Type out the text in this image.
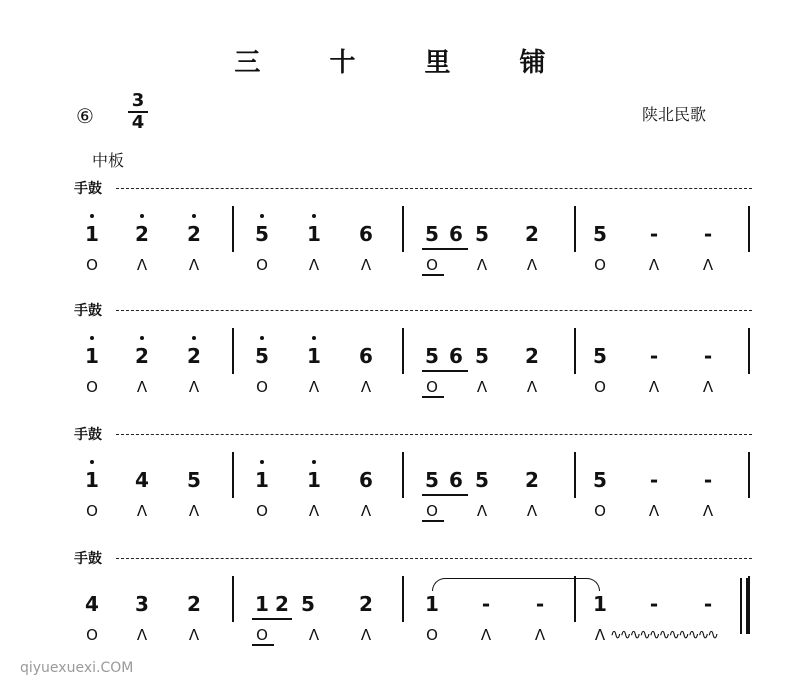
三 十 里 铺
⑥
3
4	陕北民歌
中板
手鼓
1 2 2	5 1 6	5 6 5 2	5 - -
O	Λ	Λ	O	Λ	Λ	O	Λ	Λ	O	Λ	Λ
手鼓
1 2 2	5 1 6	5 6 5 2	5 - -
O	Λ	Λ	O	Λ	Λ	O	Λ	Λ	O	Λ	Λ
手鼓
1 4 5	1 1 6	5 6 5 2	5 - -
O	Λ	Λ	O	Λ	Λ	O	Λ	Λ	O	Λ	Λ
手鼓
4 3 2	1 2 5 2	1 - - 1 - -
O	Λ	Λ	O	Λ	Λ	O	Λ	Λ	Λ ∿∿∿∿∿∿∿∿∿∿∿
qiyuexuexi.COM
